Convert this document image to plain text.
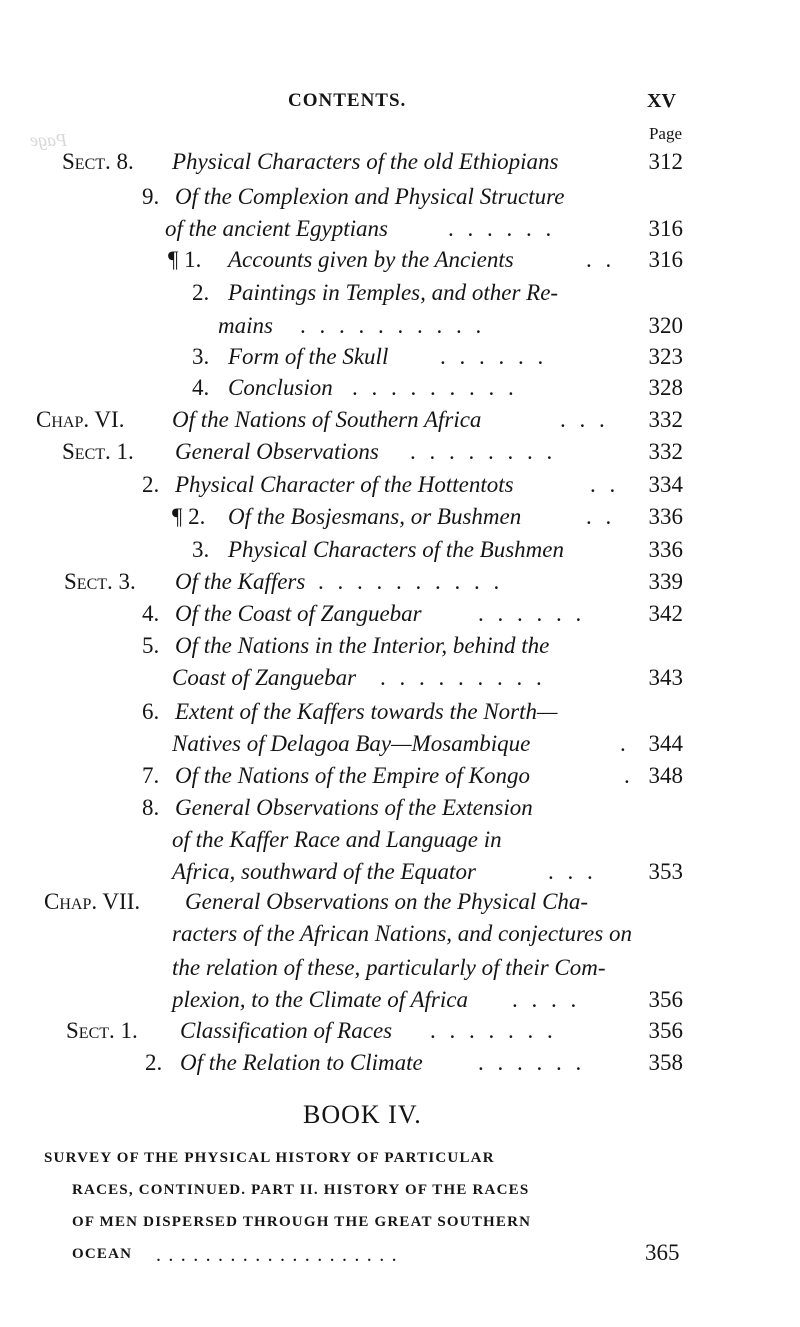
Page
CONTENTS.	XV
Page
Sect. 8. Physical Characters of the old Ethiopians	312
9. Of the Complexion and Physical Structure
of the ancient Egyptians	. . . . . .	316
¶ 1. Accounts given by the Ancients	. .	316
2. Paintings in Temples, and other Re-
mains . . . . . . . . . .	320
3. Form of the Skull . . . . . .	323
4. Conclusion . . . . . . . . .	328
Chap. VI. Of the Nations of Southern Africa	. . .	332
Sect. 1. General Observations . . . . . . . .	332
2. Physical Character of the Hottentots	. .	334
¶ 2. Of the Bosjesmans, or Bushmen	. .	336
3. Physical Characters of the Bushmen	336
Sect. 3. Of the Kaffers . . . . . . . . . .	339
4. Of the Coast of Zanguebar . . . . . .	342
5. Of the Nations in the Interior, behind the
Coast of Zanguebar . . . . . . . . .	343
6. Extent of the Kaffers towards the North—
Natives of Delagoa Bay—Mosambique	. 344
7. Of the Nations of the Empire of Kongo	. 348
8. General Observations of the Extension
of the Kaffer Race and Language in
Africa, southward of the Equator	. . .	353
Chap. VII. General Observations on the Physical Cha-
racters of the African Nations, and conjectures on
the relation of these, particularly of their Com-
plexion, to the Climate of Africa . . . .	356
Sect. 1. Classification of Races . . . . . . .	356
2. Of the Relation to Climate . . . . . .	358
BOOK IV.
SURVEY OF THE PHYSICAL HISTORY OF PARTICULAR
RACES, CONTINUED. PART II. HISTORY OF THE RACES
OF MEN DISPERSED THROUGH THE GREAT SOUTHERN
OCEAN . . . . . . . . . . . . . . . . . . . .	365
